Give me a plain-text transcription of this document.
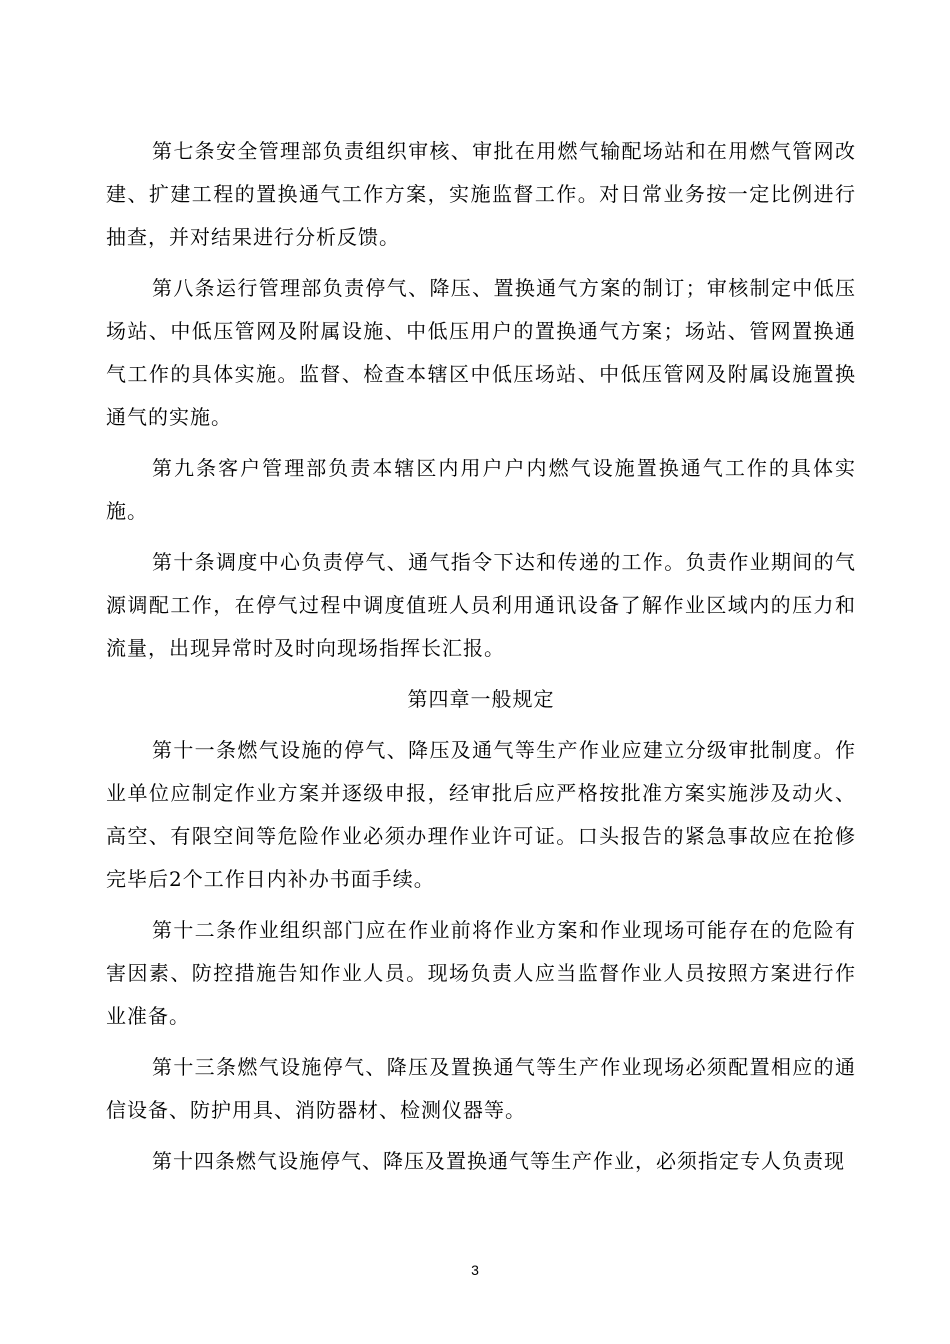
第七条安全管理部负责组织审核、审批在用燃气输配场站和在用燃气管网改建、扩建工程的置换通气工作方案，实施监督工作。对日常业务按一定比例进行抽查，并对结果进行分析反馈。

第八条运行管理部负责停气、降压、置换通气方案的制订；审核制定中低压场站、中低压管网及附属设施、中低压用户的置换通气方案；场站、管网置换通气工作的具体实施。监督、检查本辖区中低压场站、中低压管网及附属设施置换通气的实施。

第九条客户管理部负责本辖区内用户户内燃气设施置换通气工作的具体实施。

第十条调度中心负责停气、通气指令下达和传递的工作。负责作业期间的气源调配工作，在停气过程中调度值班人员利用通讯设备了解作业区域内的压力和流量，出现异常时及时向现场指挥长汇报。

第四章一般规定

第十一条燃气设施的停气、降压及通气等生产作业应建立分级审批制度。作业单位应制定作业方案并逐级申报，经审批后应严格按批准方案实施涉及动火、高空、有限空间等危险作业必须办理作业许可证。口头报告的紧急事故应在抢修完毕后2个工作日内补办书面手续。

第十二条作业组织部门应在作业前将作业方案和作业现场可能存在的危险有害因素、防控措施告知作业人员。现场负责人应当监督作业人员按照方案进行作业准备。

第十三条燃气设施停气、降压及置换通气等生产作业现场必须配置相应的通信设备、防护用具、消防器材、检测仪器等。

第十四条燃气设施停气、降压及置换通气等生产作业，必须指定专人负责现

3
